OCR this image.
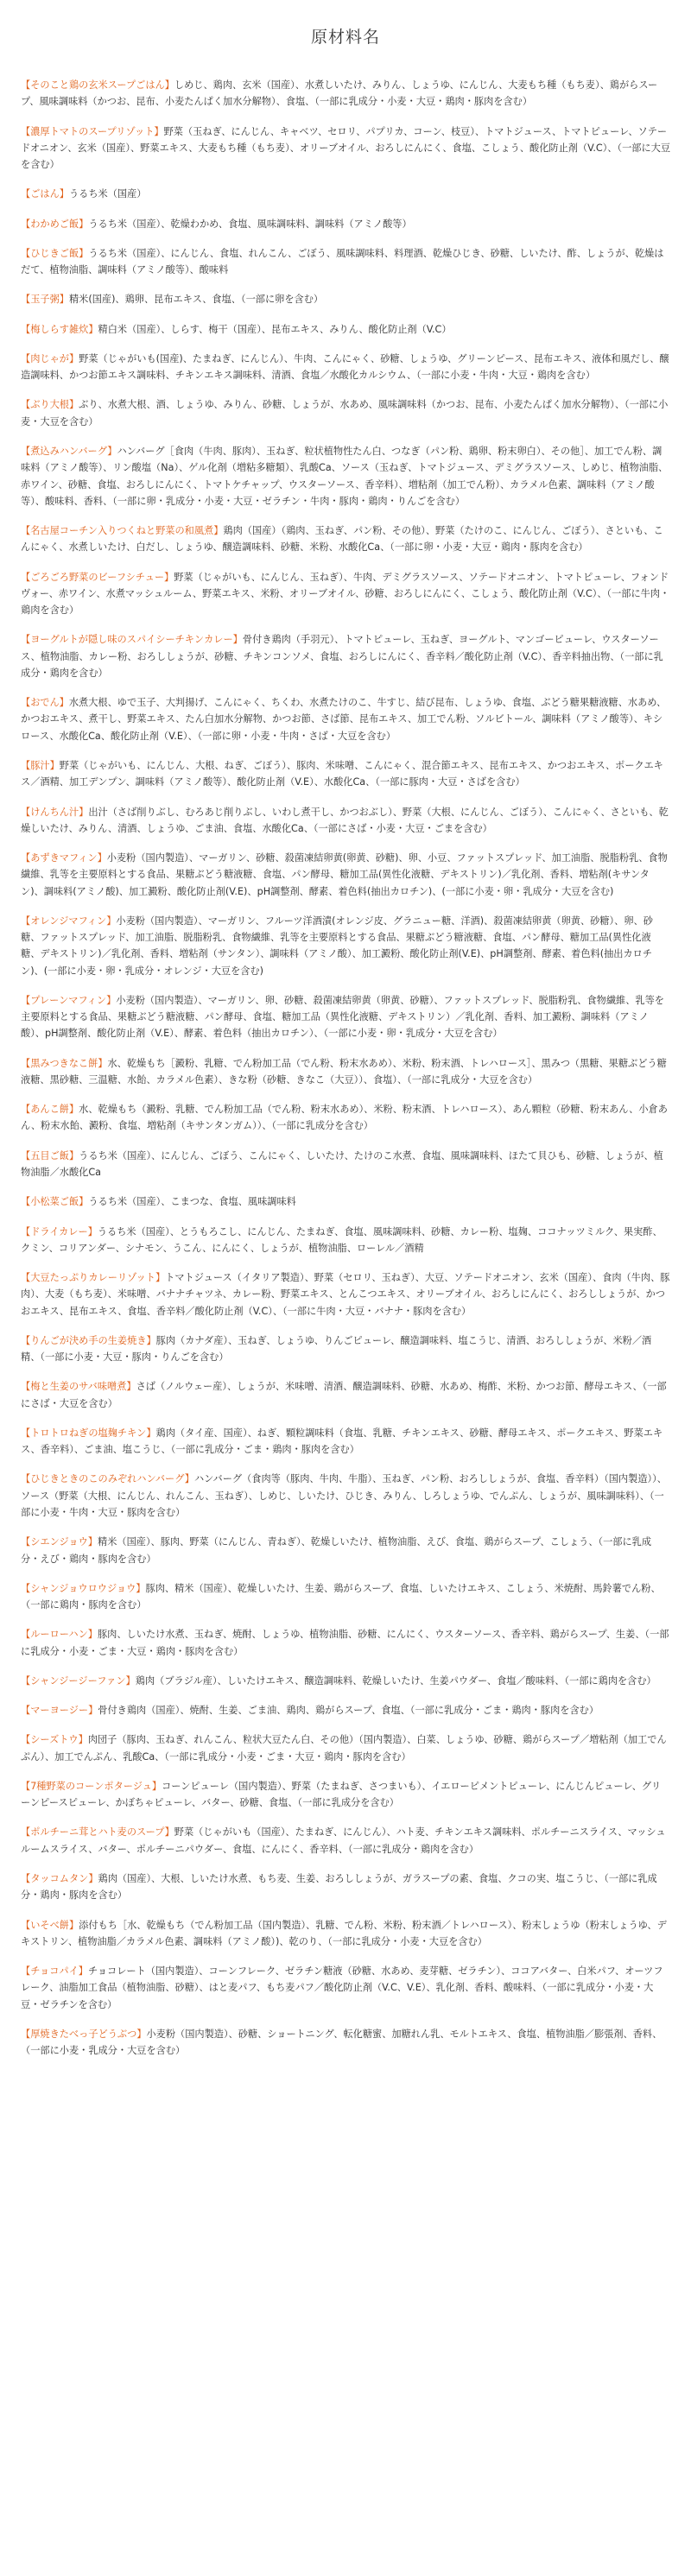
原材料名
【そのこと鶏の玄米スープごはん】しめじ、鶏肉、玄米（国産）、水煮しいたけ、みりん、しょうゆ、にんじん、大麦もち種（もち麦）、鶏がらスープ、風味調味料（かつお、昆布、小麦たんぱく加水分解物）、食塩、（一部に乳成分・小麦・大豆・鶏肉・豚肉を含む）
【濃厚トマトのスープリゾット】野菜（玉ねぎ、にんじん、キャベツ、セロリ、パプリカ、コーン、枝豆）、トマトジュース、トマトピューレ、ソテードオニオン、玄米（国産）、野菜エキス、大麦もち種（もち麦）、オリーブオイル、おろしにんにく、食塩、こしょう、酸化防止剤（V.C）、（一部に大豆を含む）
【ごはん】うるち米（国産）
【わかめご飯】うるち米（国産）、乾燥わかめ、食塩、風味調味料、調味料（アミノ酸等）
【ひじきご飯】うるち米（国産）、にんじん、食塩、れんこん、ごぼう、風味調味料、料理酒、乾燥ひじき、砂糖、しいたけ、酢、しょうが、乾燥はだて、植物油脂、調味料（アミノ酸等）、酸味料
【玉子粥】精米(国産)、鶏卵、昆布エキス、食塩、（一部に卵を含む）
【梅しらす雑炊】精白米（国産）、しらす、梅干（国産）、昆布エキス、みりん、酸化防止剤（V.C）
【肉じゃが】野菜（じゃがいも(国産)、たまねぎ、にんじん）、牛肉、こんにゃく、砂糖、しょうゆ、グリーンピース、昆布エキス、液体和風だし、醸造調味料、かつお節エキス調味料、チキンエキス調味料、清酒、食塩／水酸化カルシウム、（一部に小麦・牛肉・大豆・鶏肉を含む）
【ぶり大根】ぶり、水煮大根、酒、しょうゆ、みりん、砂糖、しょうが、水あめ、風味調味料（かつお、昆布、小麦たんぱく加水分解物）、（一部に小麦・大豆を含む）
【煮込みハンバーグ】ハンバーグ［食肉（牛肉、豚肉）、玉ねぎ、粒状植物性たん白、つなぎ（パン粉、鶏卵、粉末卵白）、その他］、加工でん粉、調味料（アミノ酸等）、リン酸塩（Na）、ゲル化剤（増粘多糖類）、乳酸Ca、ソース（玉ねぎ、トマトジュース、デミグラスソース、しめじ、植物油脂、赤ワイン、砂糖、食塩、おろしにんにく、トマトケチャップ、ウスターソース、香辛料）、増粘剤（加工でん粉）、カラメル色素、調味料（アミノ酸等）、酸味料、香料、（一部に卵・乳成分・小麦・大豆・ゼラチン・牛肉・豚肉・鶏肉・りんごを含む）
【名古屋コーチン入りつくねと野菜の和風煮】鶏肉（国産）（鶏肉、玉ねぎ、パン粉、その他）、野菜（たけのこ、にんじん、ごぼう）、さといも、こんにゃく、水煮しいたけ、白だし、しょうゆ、醸造調味料、砂糖、米粉、水酸化Ca、（一部に卵・小麦・大豆・鶏肉・豚肉を含む）
【ごろごろ野菜のビーフシチュー】野菜（じゃがいも、にんじん、玉ねぎ）、牛肉、デミグラスソース、ソテードオニオン、トマトピューレ、フォンドヴォー、赤ワイン、水煮マッシュルーム、野菜エキス、米粉、オリーブオイル、砂糖、おろしにんにく、こしょう、酸化防止剤（V.C）、（一部に牛肉・鶏肉を含む）
【ヨーグルトが隠し味のスパイシーチキンカレー】骨付き鶏肉（手羽元）、トマトピューレ、玉ねぎ、ヨーグルト、マンゴーピューレ、ウスターソース、植物油脂、カレー粉、おろししょうが、砂糖、チキンコンソメ、食塩、おろしにんにく、香辛料／酸化防止剤（V.C）、香辛料抽出物、（一部に乳成分・鶏肉を含む）
【おでん】水煮大根、ゆで玉子、大判揚げ、こんにゃく、ちくわ、水煮たけのこ、牛すじ、結び昆布、しょうゆ、食塩、ぶどう糖果糖液糖、水あめ、かつおエキス、煮干し、野菜エキス、たん白加水分解物、かつお節、さば節、昆布エキス、加工でん粉、ソルビトール、調味料（アミノ酸等）、キシロース、水酸化Ca、酸化防止剤（V.E）、（一部に卵・小麦・牛肉・さば・大豆を含む）
【豚汁】野菜（じゃがいも、にんじん、大根、ねぎ、ごぼう）、豚肉、米味噌、こんにゃく、混合節エキス、昆布エキス、かつおエキス、ポークエキス／酒精、加工デンプン、調味料（アミノ酸等）、酸化防止剤（V.E）、水酸化Ca、（一部に豚肉・大豆・さばを含む）
【けんちん汁】出汁（さば削りぶし、むろあじ削りぶし、いわし煮干し、かつおぶし）、野菜（大根、にんじん、ごぼう）、こんにゃく、さといも、乾燥しいたけ、みりん、清酒、しょうゆ、ごま油、食塩、水酸化Ca、（一部にさば・小麦・大豆・ごまを含む）
【あずきマフィン】小麦粉（国内製造）、マーガリン、砂糖、殺菌凍結卵黄(卵黄、砂糖)、卵、小豆、ファットスプレッド、加工油脂、脱脂粉乳、食物繊維、乳等を主要原料とする食品、果糖ぶどう糖液糖、食塩、パン酵母、糖加工品(異性化液糖、デキストリン)／乳化剤、香料、増粘剤(キサンタン)、調味料(アミノ酸)、加工澱粉、酸化防止剤(V.E)、pH調整剤、酵素、着色料(抽出カロチン)、(一部に小麦・卵・乳成分・大豆を含む)
【オレンジマフィン】小麦粉（国内製造）、マーガリン、フルーツ洋酒漬(オレンジ皮、グラニュー糖、洋酒)、殺菌凍結卵黄（卵黄、砂糖）、卵、砂糖、ファットスプレッド、加工油脂、脱脂粉乳、食物繊維、乳等を主要原料とする食品、果糖ぶどう糖液糖、食塩、パン酵母、糖加工品(異性化液糖、デキストリン)／乳化剤、香料、増粘剤（サンタン）、調味料（アミノ酸）、加工澱粉、酸化防止剤(V.E)、pH調整剤、酵素、着色料(抽出カロチン)、(一部に小麦・卵・乳成分・オレンジ・大豆を含む)
【プレーンマフィン】小麦粉（国内製造）、マーガリン、卵、砂糖、殺菌凍結卵黄（卵黄、砂糖）、ファットスプレッド、脱脂粉乳、食物繊維、乳等を主要原料とする食品、果糖ぶどう糖液糖、パン酵母、食塩、糖加工品（異性化液糖、デキストリン）／乳化剤、香料、加工澱粉、調味料（アミノ酸）、pH調整剤、酸化防止剤（V.E）、酵素、着色料（抽出カロチン）、（一部に小麦・卵・乳成分・大豆を含む）
【黒みつきなこ餅】水、乾燥もち［澱粉、乳糖、でん粉加工品（でん粉、粉末水あめ）、米粉、粉末酒、トレハロース］、黒みつ（黒糖、果糖ぶどう糖液糖、黒砂糖、三温糖、水飴、カラメル色素）、きな粉（砂糖、きなこ（大豆））、食塩）、（一部に乳成分・大豆を含む）
【あんこ餅】水、乾燥もち（澱粉、乳糖、でん粉加工品（でん粉、粉末水あめ）、米粉、粉末酒、トレハロース）、あん顆粒（砂糖、粉末あん、小倉あん、粉末水飴、澱粉、食塩、増粘剤（キサンタンガム））、（一部に乳成分を含む）
【五目ご飯】うるち米（国産）、にんじん、ごぼう、こんにゃく、しいたけ、たけのこ水煮、食塩、風味調味料、ほたて貝ひも、砂糖、しょうが、植物油脂／水酸化Ca
【小松菜ご飯】うるち米（国産）、こまつな、食塩、風味調味料
【ドライカレー】うるち米（国産）、とうもろこし、にんじん、たまねぎ、食塩、風味調味料、砂糖、カレー粉、塩麹、ココナッツミルク、果実酢、クミン、コリアンダー、シナモン、うこん、にんにく、しょうが、植物油脂、ローレル／酒精
【大豆たっぷりカレーリゾット】トマトジュース（イタリア製造）、野菜（セロリ、玉ねぎ）、大豆、ソテードオニオン、玄米（国産）、食肉（牛肉、豚肉）、大麦（もち麦）、米味噌、バナナチャツネ、カレー粉、野菜エキス、とんこつエキス、オリーブオイル、おろしにんにく、おろししょうが、かつおエキス、昆布エキス、食塩、香辛料／酸化防止剤（V.C）、（一部に牛肉・大豆・バナナ・豚肉を含む）
【りんごが決め手の生姜焼き】豚肉（カナダ産）、玉ねぎ、しょうゆ、りんごピューレ、醸造調味料、塩こうじ、清酒、おろししょうが、米粉／酒精、（一部に小麦・大豆・豚肉・りんごを含む）
【梅と生姜のサバ味噌煮】さば（ノルウェー産）、しょうが、米味噌、清酒、醸造調味料、砂糖、水あめ、梅酢、米粉、かつお節、酵母エキス、（一部にさば・大豆を含む）
【トロトロねぎの塩麹チキン】鶏肉（タイ産、国産）、ねぎ、顆粒調味料（食塩、乳糖、チキンエキス、砂糖、酵母エキス、ポークエキス、野菜エキス、香辛料）、ごま油、塩こうじ、（一部に乳成分・ごま・鶏肉・豚肉を含む）
【ひじきときのこのみぞれハンバーグ】ハンバーグ（食肉等（豚肉、牛肉、牛脂）、玉ねぎ、パン粉、おろししょうが、食塩、香辛料）（国内製造））、ソース（野菜（大根、にんじん、れんこん、玉ねぎ）、しめじ、しいたけ、ひじき、みりん、しろしょうゆ、でんぷん、しょうが、風味調味料）、（一部に小麦・牛肉・大豆・豚肉を含む）
【シエンジョウ】精米（国産）、豚肉、野菜（にんじん、青ねぎ）、乾燥しいたけ、植物油脂、えび、食塩、鶏がらスープ、こしょう、（一部に乳成分・えび・鶏肉・豚肉を含む）
【シャンジョウロウジョウ】豚肉、精米（国産）、乾燥しいたけ、生姜、鶏がらスープ、食塩、しいたけエキス、こしょう、米焼酎、馬鈴薯でん粉、（一部に鶏肉・豚肉を含む）
【ルーローハン】豚肉、しいたけ水煮、玉ねぎ、焼酎、しょうゆ、植物油脂、砂糖、にんにく、ウスターソース、香辛料、鶏がらスープ、生姜、（一部に乳成分・小麦・ごま・大豆・鶏肉・豚肉を含む）
【シャンジージーファン】鶏肉（ブラジル産）、しいたけエキス、醸造調味料、乾燥しいたけ、生姜パウダー、食塩／酸味料、（一部に鶏肉を含む）
【マーヨージー】骨付き鶏肉（国産）、焼酎、生姜、ごま油、鶏肉、鶏がらスープ、食塩、（一部に乳成分・ごま・鶏肉・豚肉を含む）
【シーズトウ】肉団子（豚肉、玉ねぎ、れんこん、粒状大豆たん白、その他）（国内製造）、白菜、しょうゆ、砂糖、鶏がらスープ／増粘剤（加工でんぷん）、加工でんぷん、乳酸Ca、（一部に乳成分・小麦・ごま・大豆・鶏肉・豚肉を含む）
【7種野菜のコーンポタージュ】コーンピューレ（国内製造）、野菜（たまねぎ、さつまいも）、イエローピメントピューレ、にんじんピューレ、グリーンピースピューレ、かぼちゃピューレ、バター、砂糖、食塩、（一部に乳成分を含む）
【ポルチーニ茸とハト麦のスープ】野菜（じゃがいも（国産）、たまねぎ、にんじん）、ハト麦、チキンエキス調味料、ポルチーニスライス、マッシュルームスライス、バター、ポルチーニパウダー、食塩、にんにく、香辛料、（一部に乳成分・鶏肉を含む）
【タッコムタン】鶏肉（国産）、大根、しいたけ水煮、もち麦、生姜、おろししょうが、ガラスープの素、食塩、クコの実、塩こうじ、（一部に乳成分・鶏肉・豚肉を含む）
【いそべ餅】添付もち［水、乾燥もち（でん粉加工品（国内製造）、乳糖、でん粉、米粉、粉末酒／トレハロース）、粉末しょうゆ（粉末しょうゆ、デキストリン、植物油脂／カラメル色素、調味料（アミノ酸）)、乾のり、（一部に乳成分・小麦・大豆を含む）
【チョコパイ】チョコレート（国内製造）、コーンフレーク、ゼラチン糖液（砂糖、水あめ、麦芽糖、ゼラチン）、ココアバター、白米パフ、オーツフレーク、油脂加工食品（植物油脂、砂糖）、はと麦パフ、もち麦パフ／酸化防止剤（V.C、V.E）、乳化剤、香料、酸味料、（一部に乳成分・小麦・大豆・ゼラチンを含む）
【厚焼きたべっ子どうぶつ】小麦粉（国内製造）、砂糖、ショートニング、転化糖蜜、加糖れん乳、モルトエキス、食塩、植物油脂／膨張剤、香料、（一部に小麦・乳成分・大豆を含む）
